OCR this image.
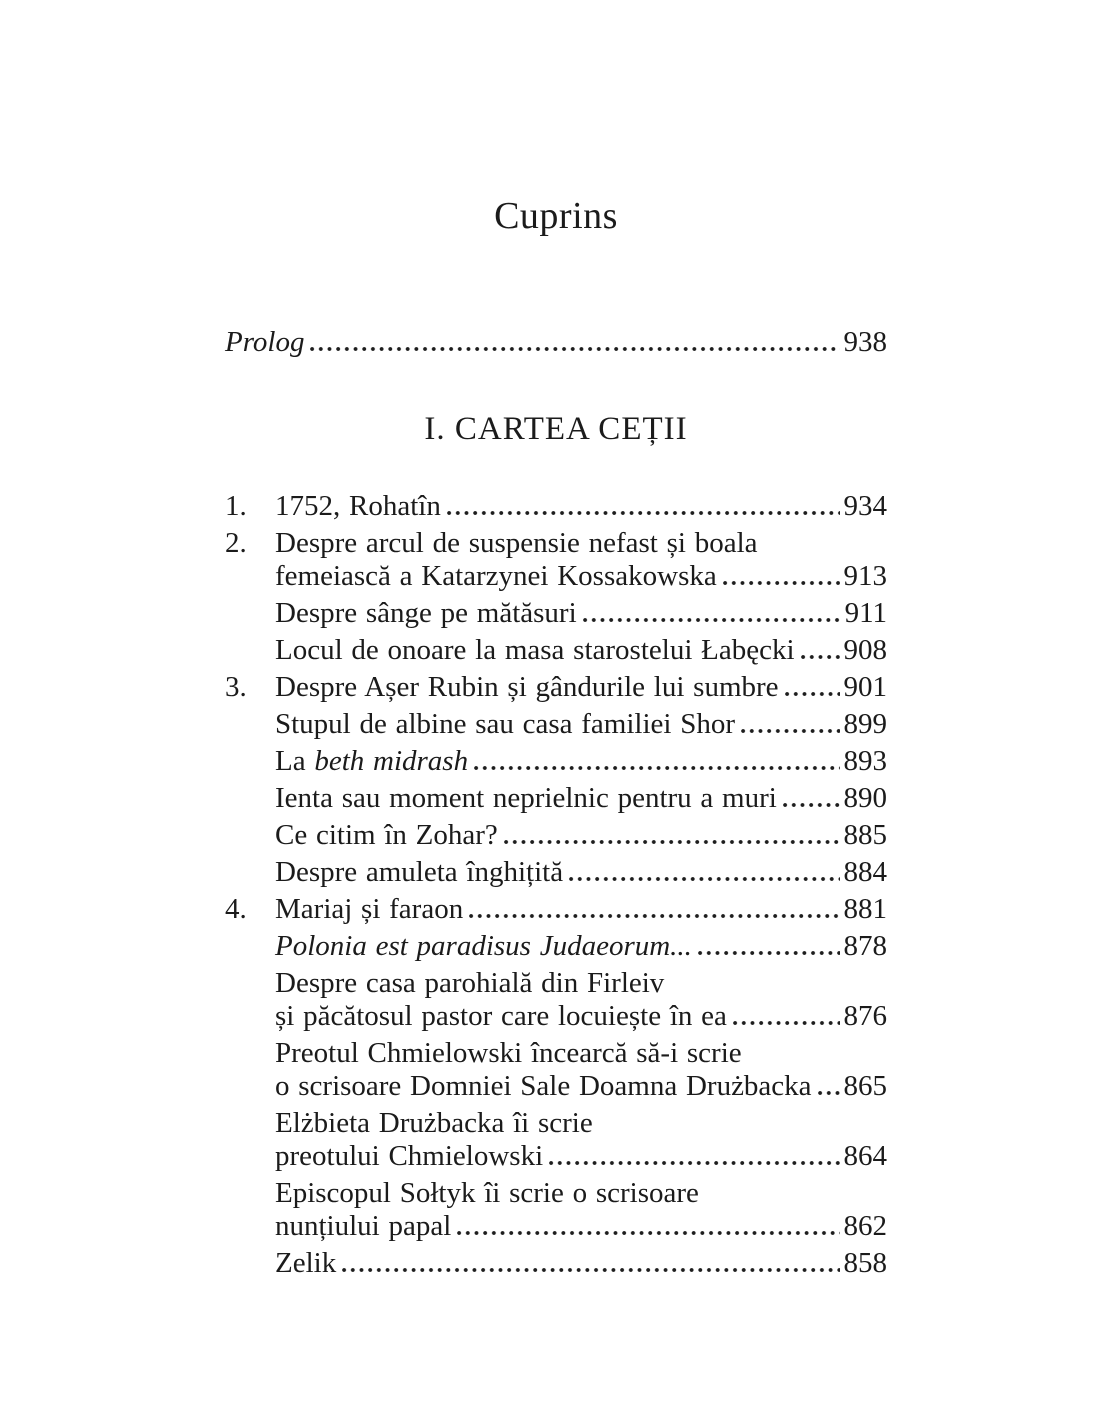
Cuprins
Prolog	938
I. CARTEA CEȚII
1. 1752, Rohatîn	934
2. Despre arcul de suspensie nefast și boala
femeiască a Katarzynei Kossakowska	913
Despre sânge pe mătăsuri	911
Locul de onoare la masa starostelui Łabęcki 908
3. Despre Așer Rubin și gândurile lui sumbre 901
Stupul de albine sau casa familiei Shor	899
La beth midrash	893
Ienta sau moment neprielnic pentru a muri 890
Ce citim în Zohar?	885
Despre amuleta înghițită	884
4. Mariaj și faraon	881
Polonia est paradisus Judaeorum...	878
Despre casa parohială din Firleiv
și păcătosul pastor care locuiește în ea	876
Preotul Chmielowski încearcă să-i scrie
o scrisoare Domniei Sale Doamna Drużbacka 865
Elżbieta Drużbacka îi scrie
preotului Chmielowski	864
Episcopul Sołtyk îi scrie o scrisoare
nunțiului papal	862
Zelik	858
